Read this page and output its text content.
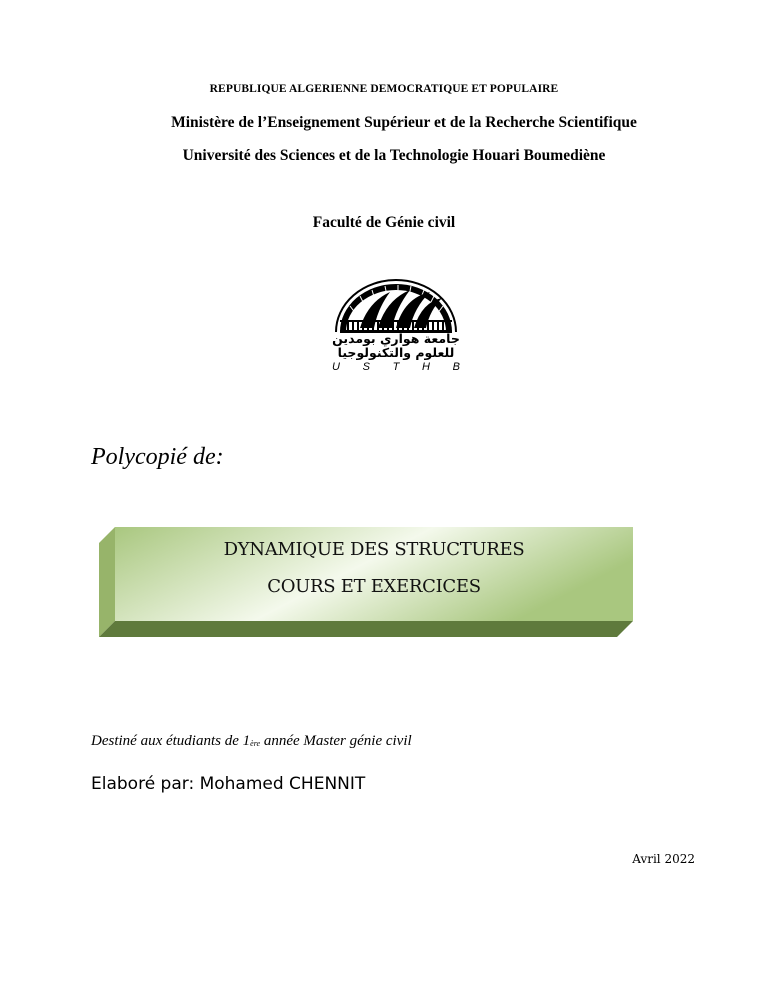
REPUBLIQUE ALGERIENNE DEMOCRATIQUE ET POPULAIRE
Ministère de l’Enseignement Supérieur et de la Recherche Scientifique
Université des Sciences et de la Technologie Houari Boumediène
Faculté de Génie civil
جامعة هواري بومدين
للعلوم والتكنولوجيا
U S T H B
Polycopié de:
DYNAMIQUE DES STRUCTURES
COURS ET EXERCICES
Destiné aux étudiants de 1ère année Master génie civil
Elaboré par: Mohamed CHENNIT
Avril 2022
